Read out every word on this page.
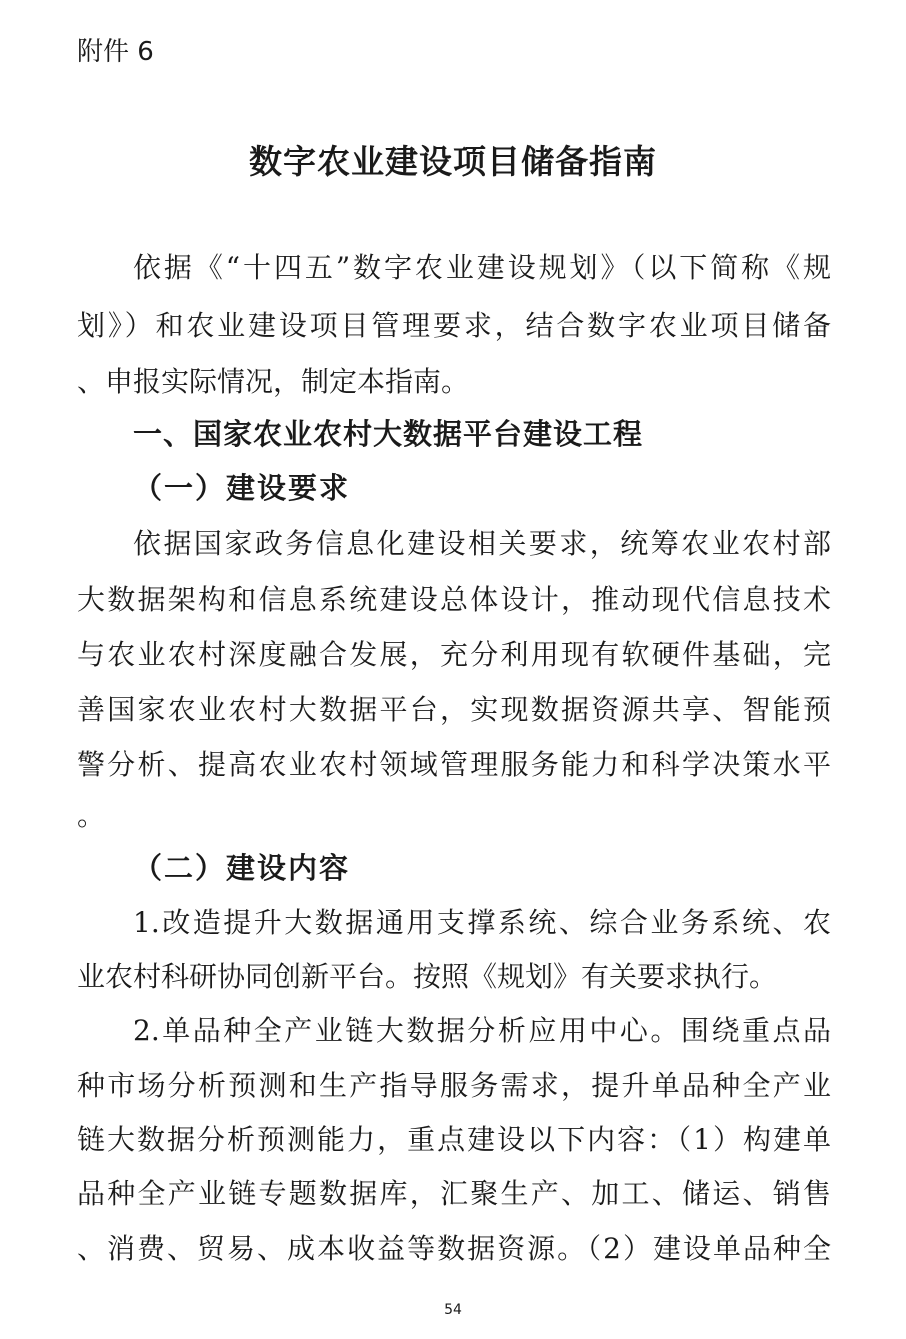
附件 6
数字农业建设项目储备指南
依据《“十四五”数字农业建设规划》（以下简称《规
划》）和农业建设项目管理要求，结合数字农业项目储备
、申报实际情况，制定本指南。
一、国家农业农村大数据平台建设工程
（一）建设要求
依据国家政务信息化建设相关要求，统筹农业农村部
大数据架构和信息系统建设总体设计，推动现代信息技术
与农业农村深度融合发展，充分利用现有软硬件基础，完
善国家农业农村大数据平台，实现数据资源共享、智能预
警分析、提高农业农村领域管理服务能力和科学决策水平
。
（二）建设内容
1.改造提升大数据通用支撑系统、综合业务系统、农
业农村科研协同创新平台。按照《规划》有关要求执行。
2.单品种全产业链大数据分析应用中心。围绕重点品
种市场分析预测和生产指导服务需求，提升单品种全产业
链大数据分析预测能力，重点建设以下内容：（1）构建单
品种全产业链专题数据库，汇聚生产、加工、储运、销售
、消费、贸易、成本收益等数据资源。（2）建设单品种全
54
